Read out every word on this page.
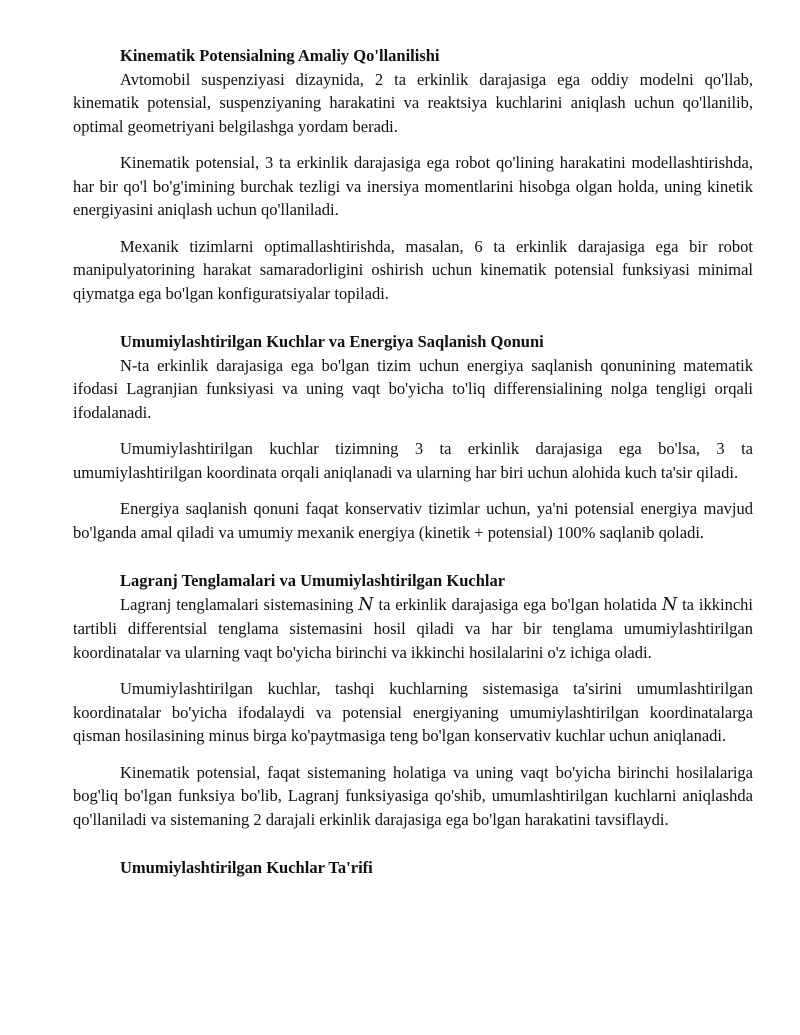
Kinematik Potensialning Amaliy Qo'llanilishi

Avtomobil suspenziyasi dizaynida, 2 ta erkinlik darajasiga ega oddiy modelni qo'llab, kinematik potensial, suspenziyaning harakatini va reaktsiya kuchlarini aniqlash uchun qo'llanilib, optimal geometriyani belgilashga yordam beradi.

Kinematik potensial, 3 ta erkinlik darajasiga ega robot qo'lining harakatini modellashtirishda, har bir qo'l bo'g'imining burchak tezligi va inersiya momentlarini hisobga olgan holda, uning kinetik energiyasini aniqlash uchun qo'llaniladi.

Mexanik tizimlarni optimallashtirishda, masalan, 6 ta erkinlik darajasiga ega bir robot manipulyatorining harakat samaradorligini oshirish uchun kinematik potensial funksiyasi minimal qiymatga ega bo'lgan konfiguratsiyalar topiladi.

Umumiylashtirilgan Kuchlar va Energiya Saqlanish Qonuni

N-ta erkinlik darajasiga ega bo'lgan tizim uchun energiya saqlanish qonunining matematik ifodasi Lagranjian funksiyasi va uning vaqt bo'yicha to'liq differensialining nolga tengligi orqali ifodalanadi.

Umumiylashtirilgan kuchlar tizimning 3 ta erkinlik darajasiga ega bo'lsa, 3 ta umumiylashtirilgan koordinata orqali aniqlanadi va ularning har biri uchun alohida kuch ta'sir qiladi.

Energiya saqlanish qonuni faqat konservativ tizimlar uchun, ya'ni potensial energiya mavjud bo'lganda amal qiladi va umumiy mexanik energiya (kinetik + potensial) 100% saqlanib qoladi.

Lagranj Tenglamalari va Umumiylashtirilgan Kuchlar

Lagranj tenglamalari sistemasining N ta erkinlik darajasiga ega bo'lgan holatida N ta ikkinchi tartibli differentsial tenglama sistemasini hosil qiladi va har bir tenglama umumiylashtirilgan koordinatalar va ularning vaqt bo'yicha birinchi va ikkinchi hosilalarini o'z ichiga oladi.

Umumiylashtirilgan kuchlar, tashqi kuchlarning sistemasiga ta'sirini umumlashtirilgan koordinatalar bo'yicha ifodalaydi va potensial energiyaning umumiylashtirilgan koordinatalarga qisman hosilasining minus birga ko'paytmasiga teng bo'lgan konservativ kuchlar uchun aniqlanadi.

Kinematik potensial, faqat sistemaning holatiga va uning vaqt bo'yicha birinchi hosilalariga bog'liq bo'lgan funksiya bo'lib, Lagranj funksiyasiga qo'shib, umumlashtirilgan kuchlarni aniqlashda qo'llaniladi va sistemaning 2 darajali erkinlik darajasiga ega bo'lgan harakatini tavsiflaydi.

Umumiylashtirilgan Kuchlar Ta'rifi
